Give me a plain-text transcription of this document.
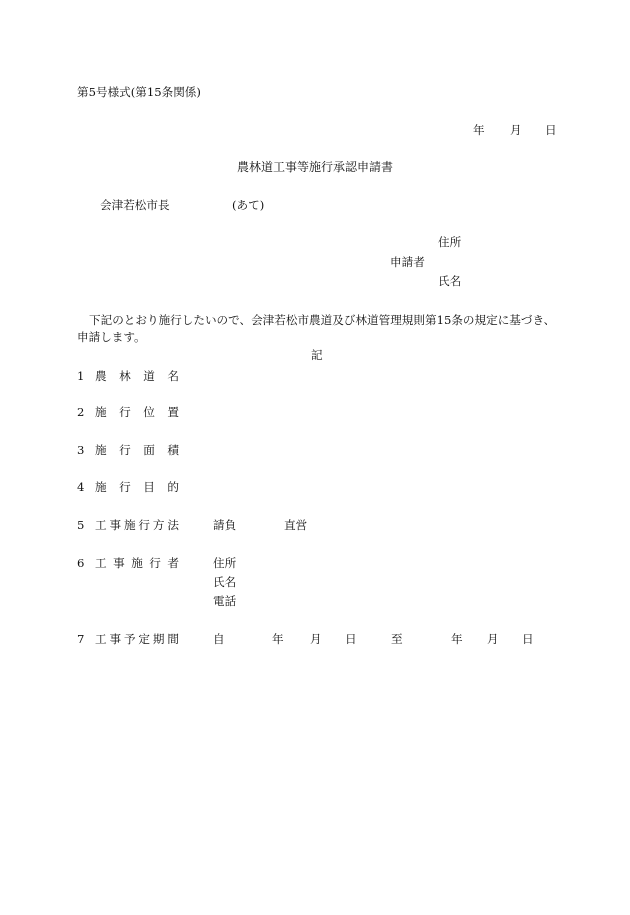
第5号様式(第15条関係)
年 月 日
農林道工事等施行承認申請書
会津若松市長	(あて)
住所
申請者
氏名
下記のとおり施行したいので、会津若松市農道及び林道管理規則第15条の規定に基づき、
申請します。
記
1 農林道名
2 施行位置
3 施行面積
4 施行目的
5 工事施行方法	請負	直営
6 工事施行者	住所
氏名
電話
7 工事予定期間	自	年 月 日	至	年 月 日
